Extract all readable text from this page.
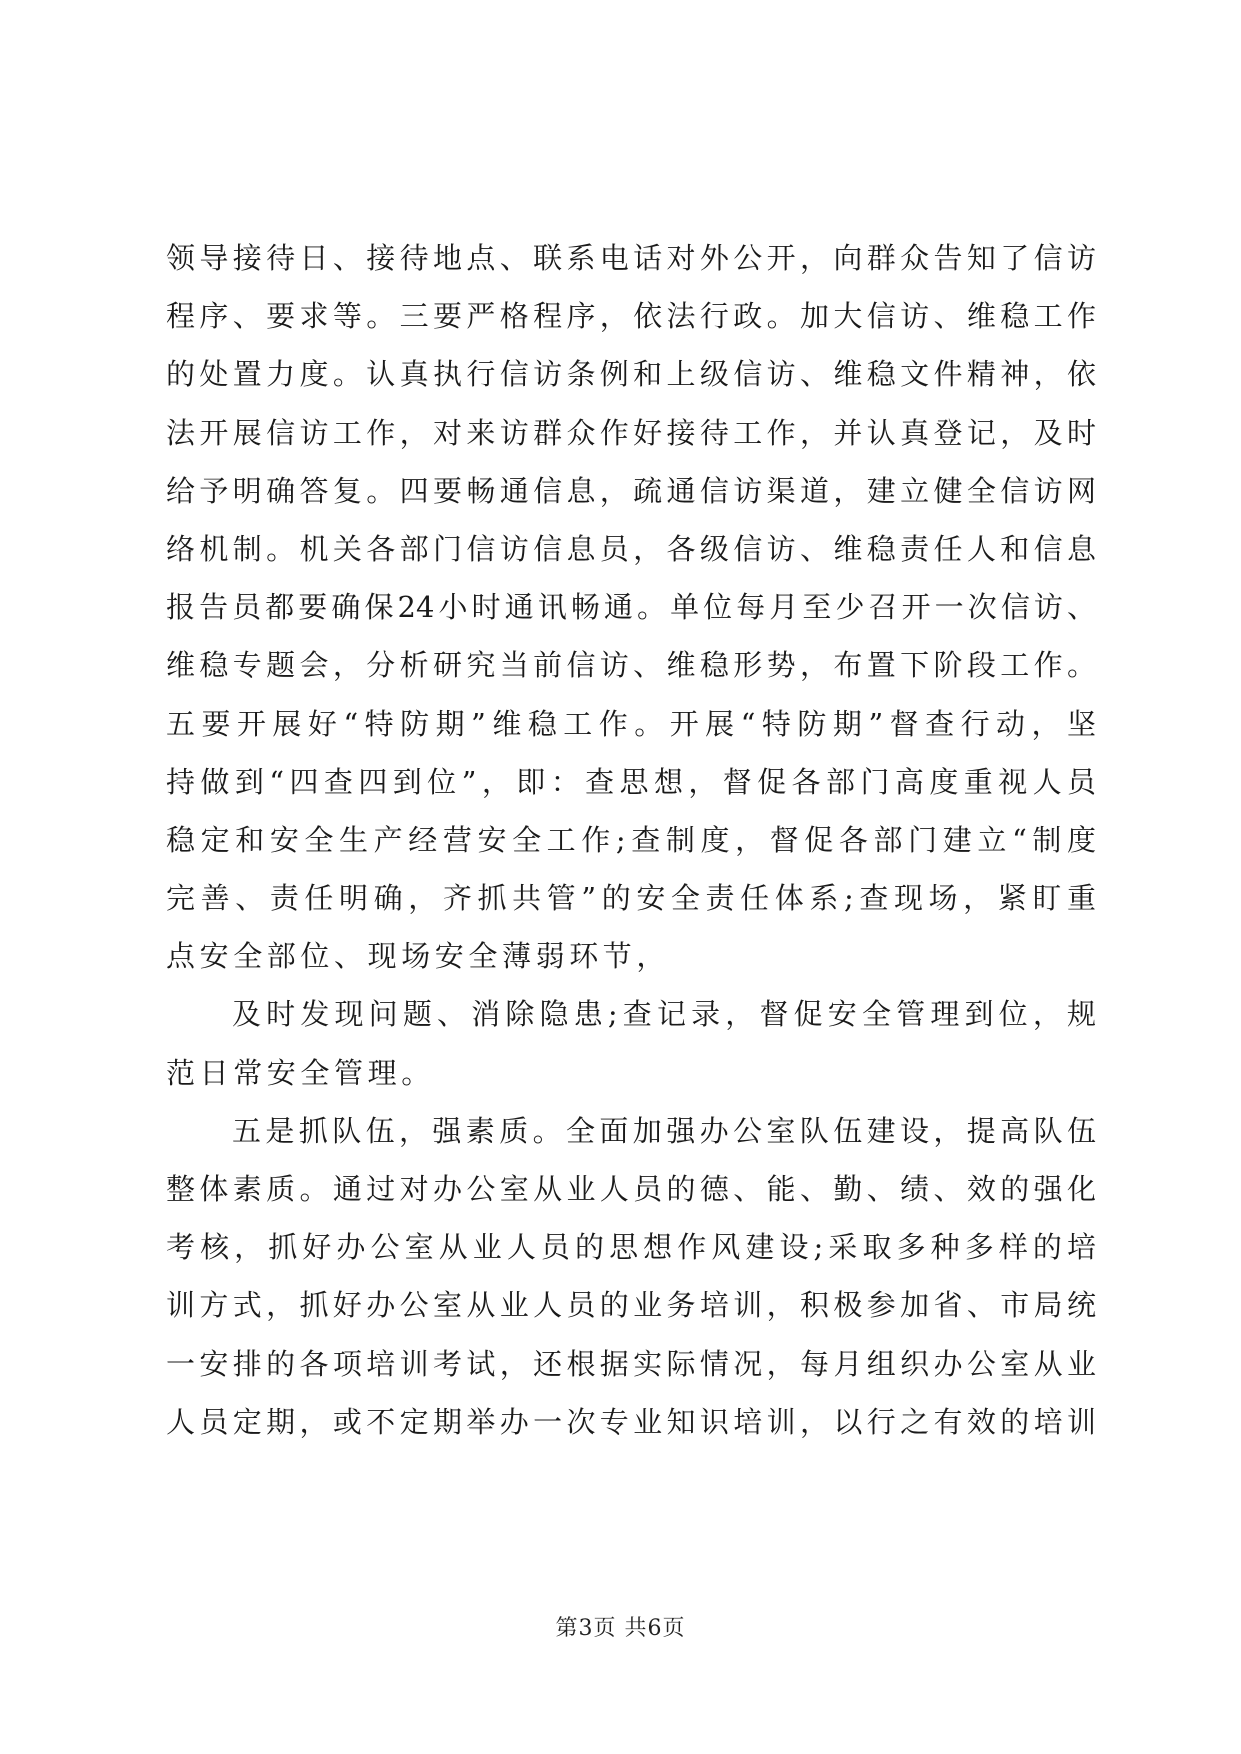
领导接待日、接待地点、联系电话对外公开，向群众告知了信访
程序、要求等。三要严格程序，依法行政。加大信访、维稳工作
的处置力度。认真执行信访条例和上级信访、维稳文件精神，依
法开展信访工作，对来访群众作好接待工作，并认真登记，及时
给予明确答复。四要畅通信息，疏通信访渠道，建立健全信访网
络机制。机关各部门信访信息员，各级信访、维稳责任人和信息
报告员都要确保24小时通讯畅通。单位每月至少召开一次信访、
维稳专题会，分析研究当前信访、维稳形势，布置下阶段工作。
五要开展好“特防期”维稳工作。开展“特防期”督查行动，坚
持做到“四查四到位”，即：查思想，督促各部门高度重视人员
稳定和安全生产经营安全工作;查制度，督促各部门建立“制度
完善、责任明确，齐抓共管”的安全责任体系;查现场，紧盯重
点安全部位、现场安全薄弱环节，
及时发现问题、消除隐患;查记录，督促安全管理到位，规
范日常安全管理。
五是抓队伍，强素质。全面加强办公室队伍建设，提高队伍
整体素质。通过对办公室从业人员的德、能、勤、绩、效的强化
考核，抓好办公室从业人员的思想作风建设;采取多种多样的培
训方式，抓好办公室从业人员的业务培训，积极参加省、市局统
一安排的各项培训考试，还根据实际情况，每月组织办公室从业
人员定期，或不定期举办一次专业知识培训，以行之有效的培训
第3页 共6页
